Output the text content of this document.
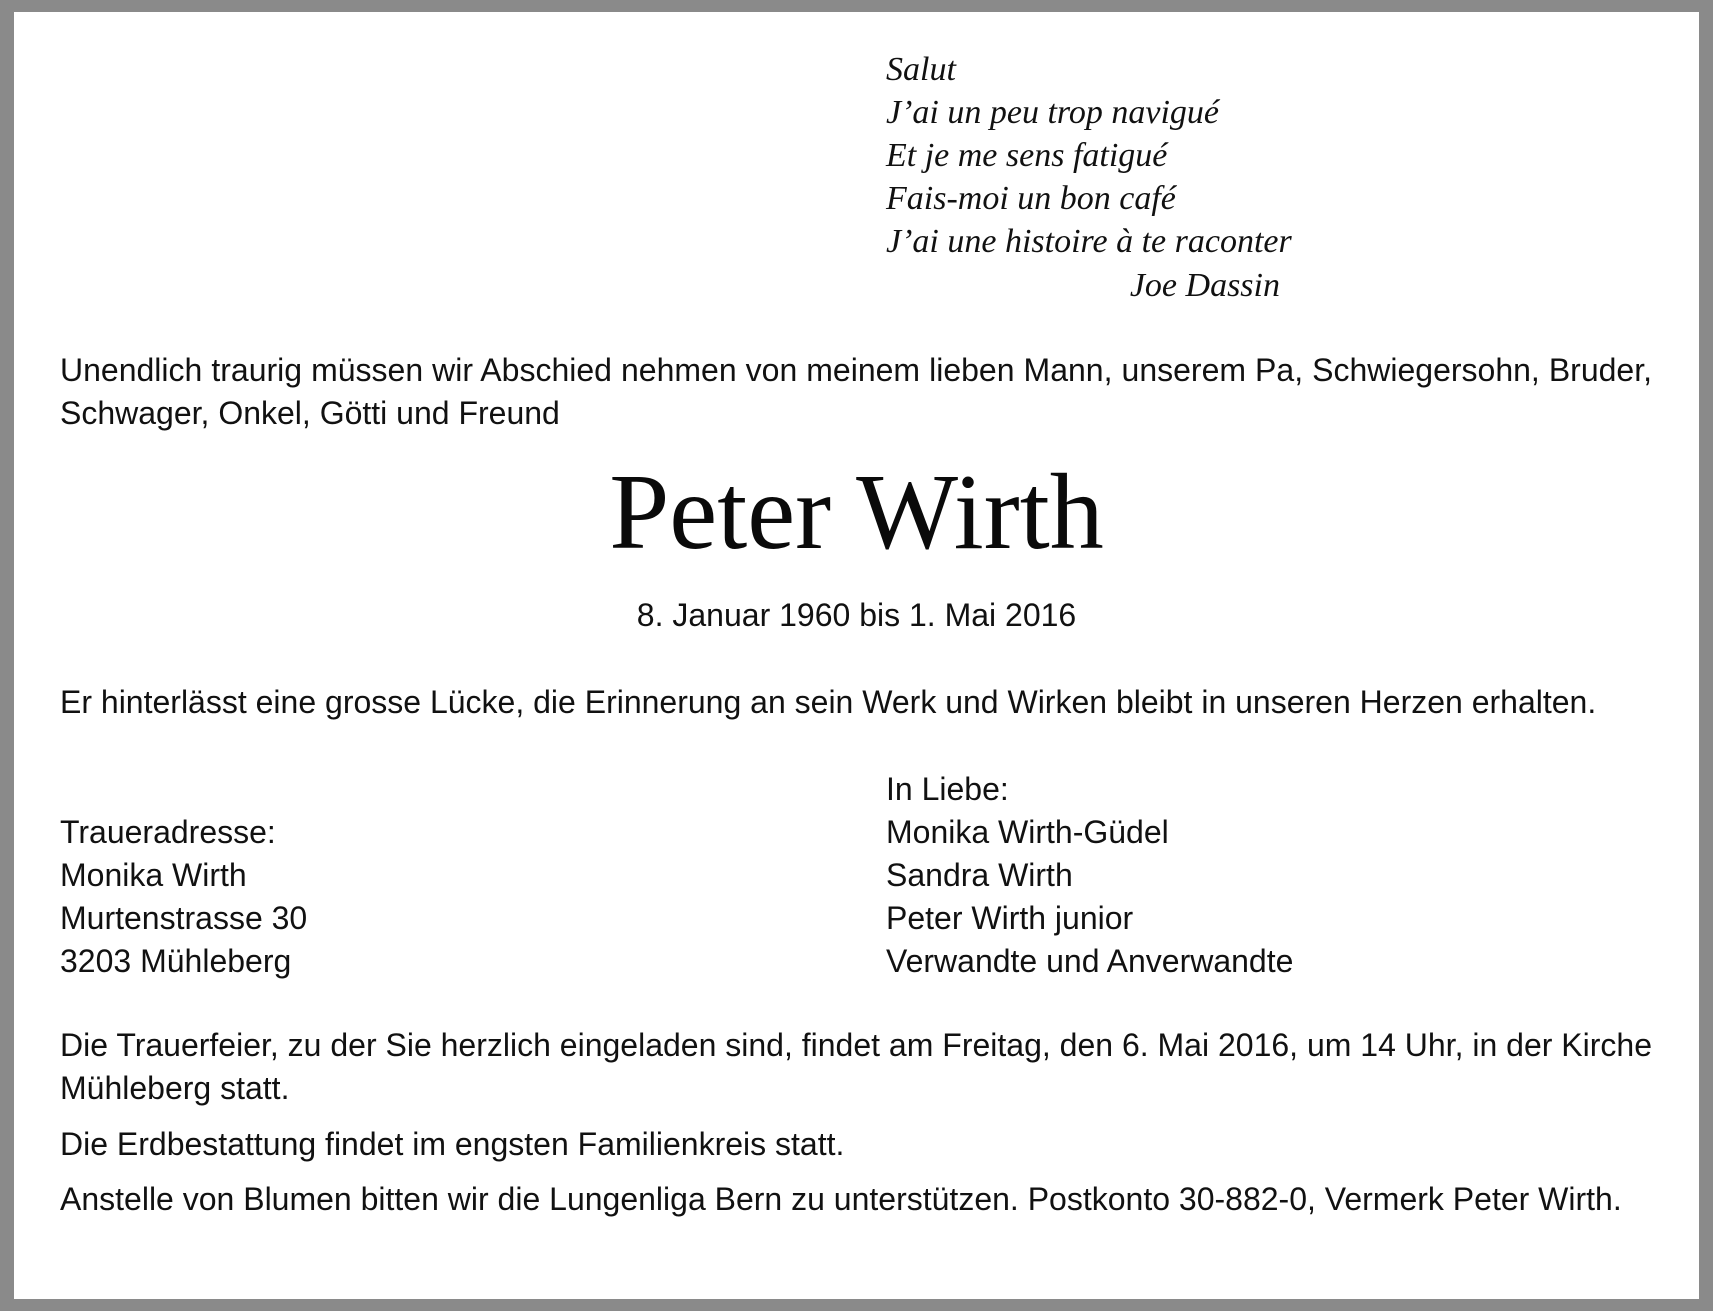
Salut
J’ai un peu trop navigué
Et je me sens fatigué
Fais-moi un bon café
J’ai une histoire à te raconter
Joe Dassin
Unendlich traurig müssen wir Abschied nehmen von meinem lieben Mann, unserem Pa, Schwiegersohn, Bruder, Schwager, Onkel, Götti und Freund
Peter Wirth
8. Januar 1960 bis 1. Mai 2016
Er hinterlässt eine grosse Lücke, die Erinnerung an sein Werk und Wirken bleibt in unseren Herzen erhalten.
Traueradresse:
Monika Wirth
Murtenstrasse 30
3203 Mühleberg
In Liebe:
Monika Wirth-Güdel
Sandra Wirth
Peter Wirth junior
Verwandte und Anverwandte
Die Trauerfeier, zu der Sie herzlich eingeladen sind, findet am Freitag, den 6. Mai 2016, um 14 Uhr, in der Kirche Mühleberg statt.
Die Erdbestattung findet im engsten Familienkreis statt.
Anstelle von Blumen bitten wir die Lungenliga Bern zu unterstützen. Postkonto 30-882-0, Vermerk Peter Wirth.
